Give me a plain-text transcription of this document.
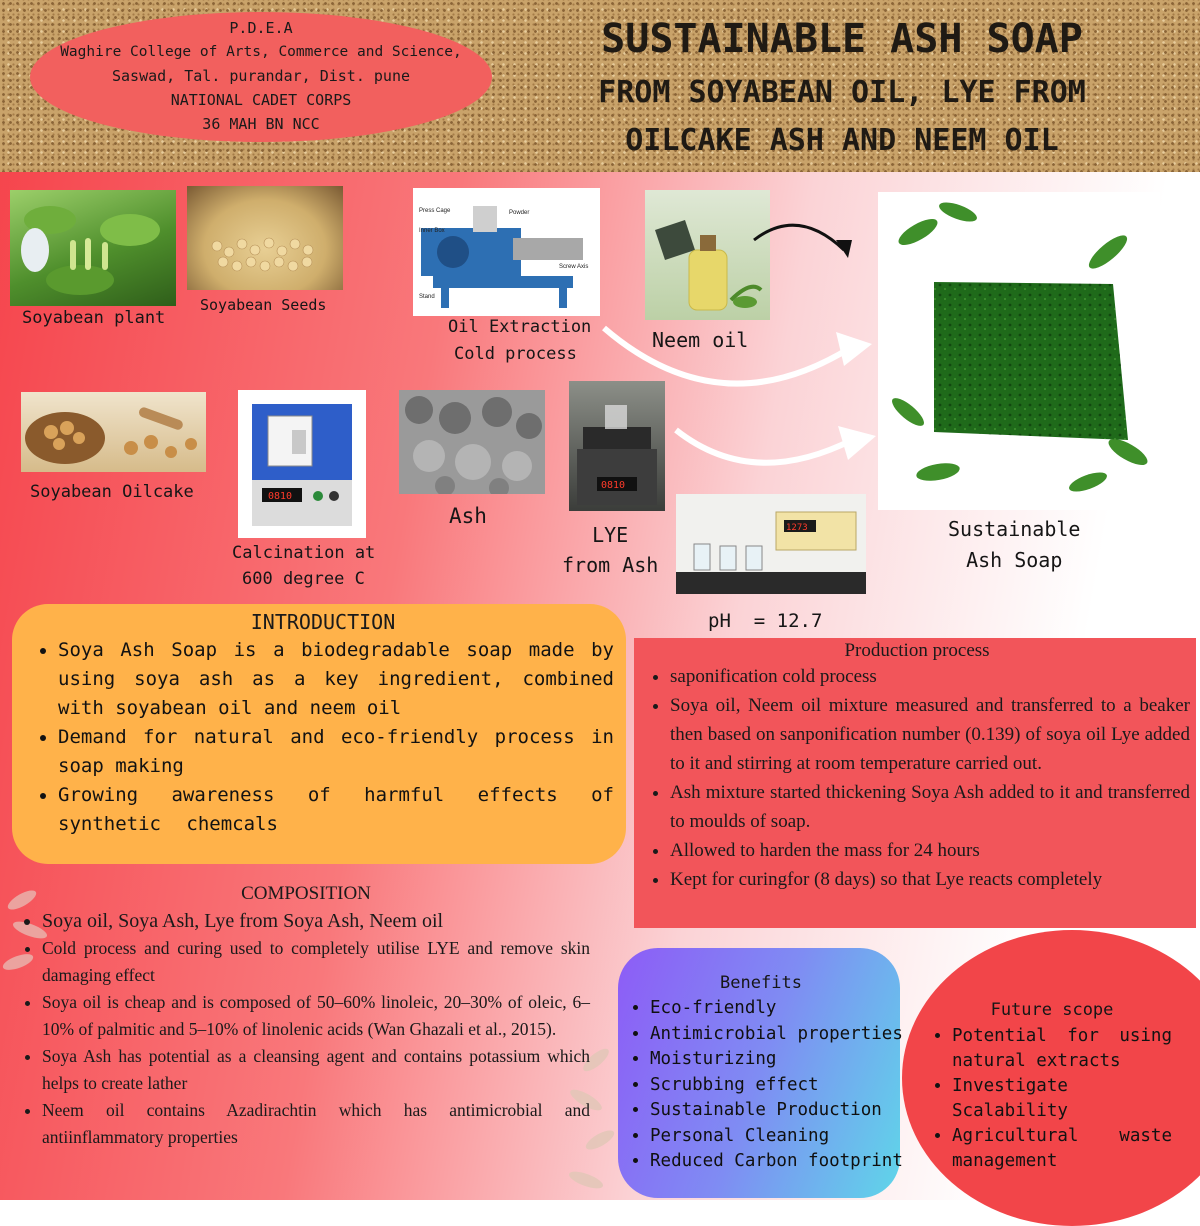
P.D.E.A
Waghire College of Arts, Commerce and Science,
Saswad, Tal. purandar, Dist. pune
NATIONAL CADET CORPS
36 MAH BN NCC
SUSTAINABLE ASH SOAP
FROM SOYABEAN OIL, LYE FROM
OILCAKE ASH AND NEEM OIL
Soyabean plant
Soyabean Seeds
Press Cage
Inner Box
Powder
Screw Axis
Stand
Oil Extraction
Cold process
Neem oil
Sustainable
Ash Soap
Soyabean Oilcake	0810
Calcination at
600 degree C
Ash
0810
LYE
from Ash
1273
pH  = 12.7
INTRODUCTION
• Soya Ash Soap is a biodegradable soap made by using soya ash as a key ingredient, combined with soyabean oil and neem oil
• Demand for natural and eco-friendly process in soap making
• Growing awareness of harmful effects of synthetic chemcals
Production process
• saponification cold process
• Soya oil, Neem oil mixture measured and transferred to a beaker then based on sanponification number (0.139) of soya oil Lye added to it and stirring at room temperature carried out.
• Ash mixture started thickening Soya Ash added to it and transferred to moulds of soap.
• Allowed to harden the mass for 24 hours
• Kept for curingfor (8 days) so that Lye reacts completely
COMPOSITION
• Soya oil, Soya Ash, Lye from Soya Ash, Neem oil
• Cold process and curing used to completely utilise LYE and remove skin damaging effect
• Soya oil is cheap and is composed of 50–60% linoleic, 20–30% of oleic, 6–10% of palmitic and 5–10% of linolenic acids (Wan Ghazali et al., 2015).
• Soya Ash has potential as a cleansing agent and contains potassium which helps to create lather
• Neem oil contains Azadirachtin which has antimicrobial and antiinflammatory properties
Benefits
• Eco-friendly
• Antimicrobial properties
• Moisturizing
• Scrubbing effect
• Sustainable Production
• Personal Cleaning
• Reduced Carbon footprint
Future scope
• Potential for using natural extracts
• Investigate Scalability
• Agricultural waste management
